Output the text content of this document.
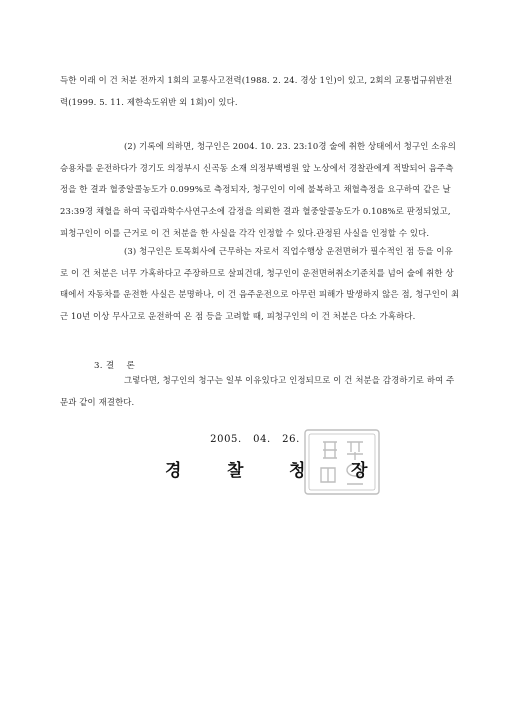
득한 이래 이 건 처분 전까지 1회의 교통사고전력(1988. 2. 24. 경상 1인)이 있고, 2회의 교통법규위반전력(1999. 5. 11. 제한속도위반 외 1회)이 있다.
(2) 기록에 의하면, 청구인은 2004. 10. 23. 23:10경 술에 취한 상태에서 청구인 소유의 승용차를 운전하다가 경기도 의정부시 신곡동 소재 의정부백병원 앞 노상에서 경찰관에게 적발되어 음주측정을 한 결과 혈중알콜농도가 0.099%로 측정되자, 청구인이 이에 불복하고 채혈측정을 요구하여 같은 날 23:39경 채혈을 하여 국립과학수사연구소에 감정을 의뢰한 결과 혈중알콜농도가 0.108%로 판정되었고, 피청구인이 이를 근거로 이 건 처분을 한 사실을 각각 인정할 수 있다.관정된 사실을 인정할 수 있다.
(3) 청구인은 토목회사에 근무하는 자로서 직업수행상 운전면허가 필수적인 점 등을 이유로 이 건 처분은 너무 가혹하다고 주장하므로 살피건대, 청구인이 운전면허취소기준치를 넘어 술에 취한 상태에서 자동차를 운전한 사실은 분명하나, 이 건 음주운전으로 아무런 피해가 발생하지 않은 점, 청구인이 최근 10년 이상 무사고로 운전하여 온 점 등을 고려할 때, 피청구인의 이 건 처분은 다소 가혹하다.
3. 결    론
그렇다면, 청구인의 청구는 일부 이유있다고 인정되므로 이 건 처분을 감경하기로 하여 주문과 같이 재결한다.
2005.   04.   26.
경	찰	청	장
